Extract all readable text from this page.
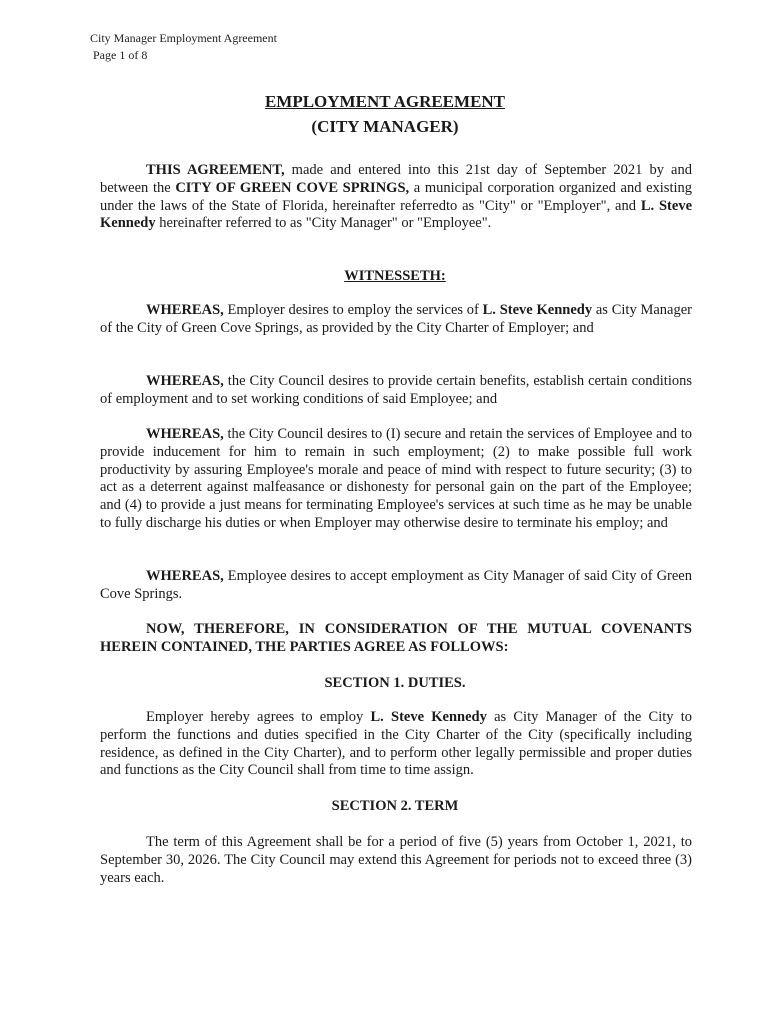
City Manager Employment Agreement
Page 1 of 8
EMPLOYMENT AGREEMENT
(CITY MANAGER)
THIS AGREEMENT, made and entered into this 21st day of September 2021 by and between the CITY OF GREEN COVE SPRINGS, a municipal corporation organized and existing under the laws of the State of Florida, hereinafter referredto as "City" or "Employer", and L. Steve Kennedy hereinafter referred to as "City Manager" or "Employee".
WITNESSETH:
WHEREAS, Employer desires to employ the services of L. Steve Kennedy as City Manager of the City of Green Cove Springs, as provided by the City Charter of Employer; and
WHEREAS, the City Council desires to provide certain benefits, establish certain conditions of employment and to set working conditions of said Employee; and
WHEREAS, the City Council desires to (I) secure and retain the services of Employee and to provide inducement for him to remain in such employment; (2) to make possible full work productivity by assuring Employee's morale and peace of mind with respect to future security; (3) to act as a deterrent against malfeasance or dishonesty for personal gain on the part of the Employee; and (4) to provide a just means for terminating Employee's services at such time as he may be unable to fully discharge his duties or when Employer may otherwise desire to terminate his employ; and
WHEREAS, Employee desires to accept employment as City Manager of said City of Green Cove Springs.
NOW, THEREFORE, IN CONSIDERATION OF THE MUTUAL COVENANTS HEREIN CONTAINED, THE PARTIES AGREE AS FOLLOWS:
SECTION 1. DUTIES.
Employer hereby agrees to employ L. Steve Kennedy as City Manager of the City to perform the functions and duties specified in the City Charter of the City (specifically including residence, as defined in the City Charter), and to perform other legally permissible and proper duties and functions as the City Council shall from time to time assign.
SECTION 2. TERM
The term of this Agreement shall be for a period of five (5) years from October 1, 2021, to September 30, 2026. The City Council may extend this Agreement for periods not to exceed three (3) years each.
